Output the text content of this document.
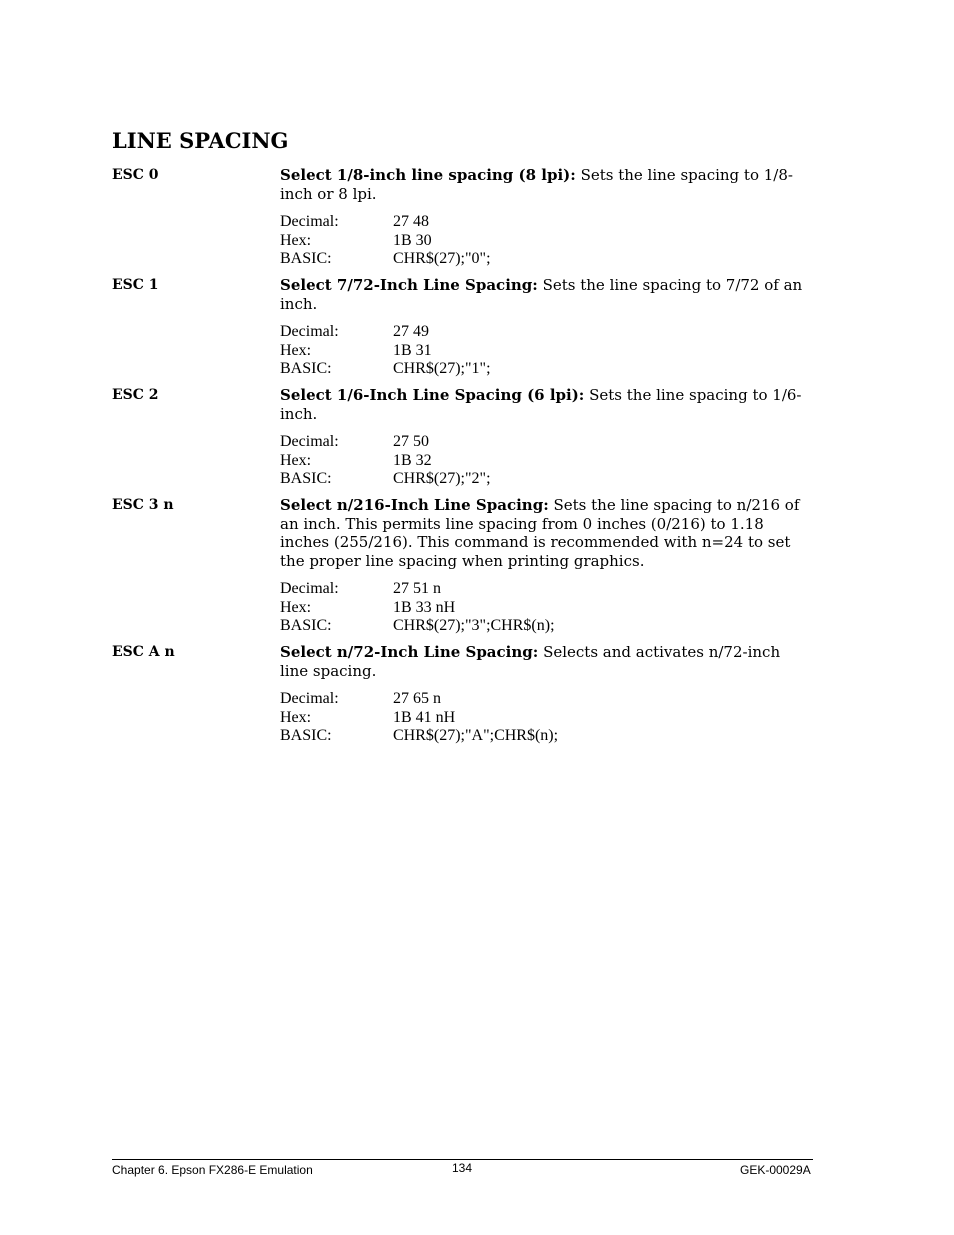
LINE SPACING
ESC 0	Select 1/8-inch line spacing (8 lpi): Sets the line spacing to 1/8-inch or 8 lpi.
Decimal:	27 48
Hex:	1B 30
BASIC:	CHR$(27);"0";
ESC 1	Select 7/72-Inch Line Spacing: Sets the line spacing to 7/72 of an inch.
Decimal:	27 49
Hex:	1B 31
BASIC:	CHR$(27);"1";
ESC 2	Select 1/6-Inch Line Spacing (6 lpi): Sets the line spacing to 1/6-inch.
Decimal:	27 50
Hex:	1B 32
BASIC:	CHR$(27);"2";
ESC 3 n	Select n/216-Inch Line Spacing: Sets the line spacing to n/216 of an inch. This permits line spacing from 0 inches (0/216) to 1.18 inches (255/216). This command is recommended with n=24 to set the proper line spacing when printing graphics.
Decimal:	27 51 n
Hex:	1B 33 nH
BASIC:	CHR$(27);"3";CHR$(n);
ESC A n	Select n/72-Inch Line Spacing: Selects and activates n/72-inch line spacing.
Decimal:	27 65 n
Hex:	1B 41 nH
BASIC:	CHR$(27);"A";CHR$(n);
Chapter 6. Epson FX286-E Emulation	134	GEK-00029A
